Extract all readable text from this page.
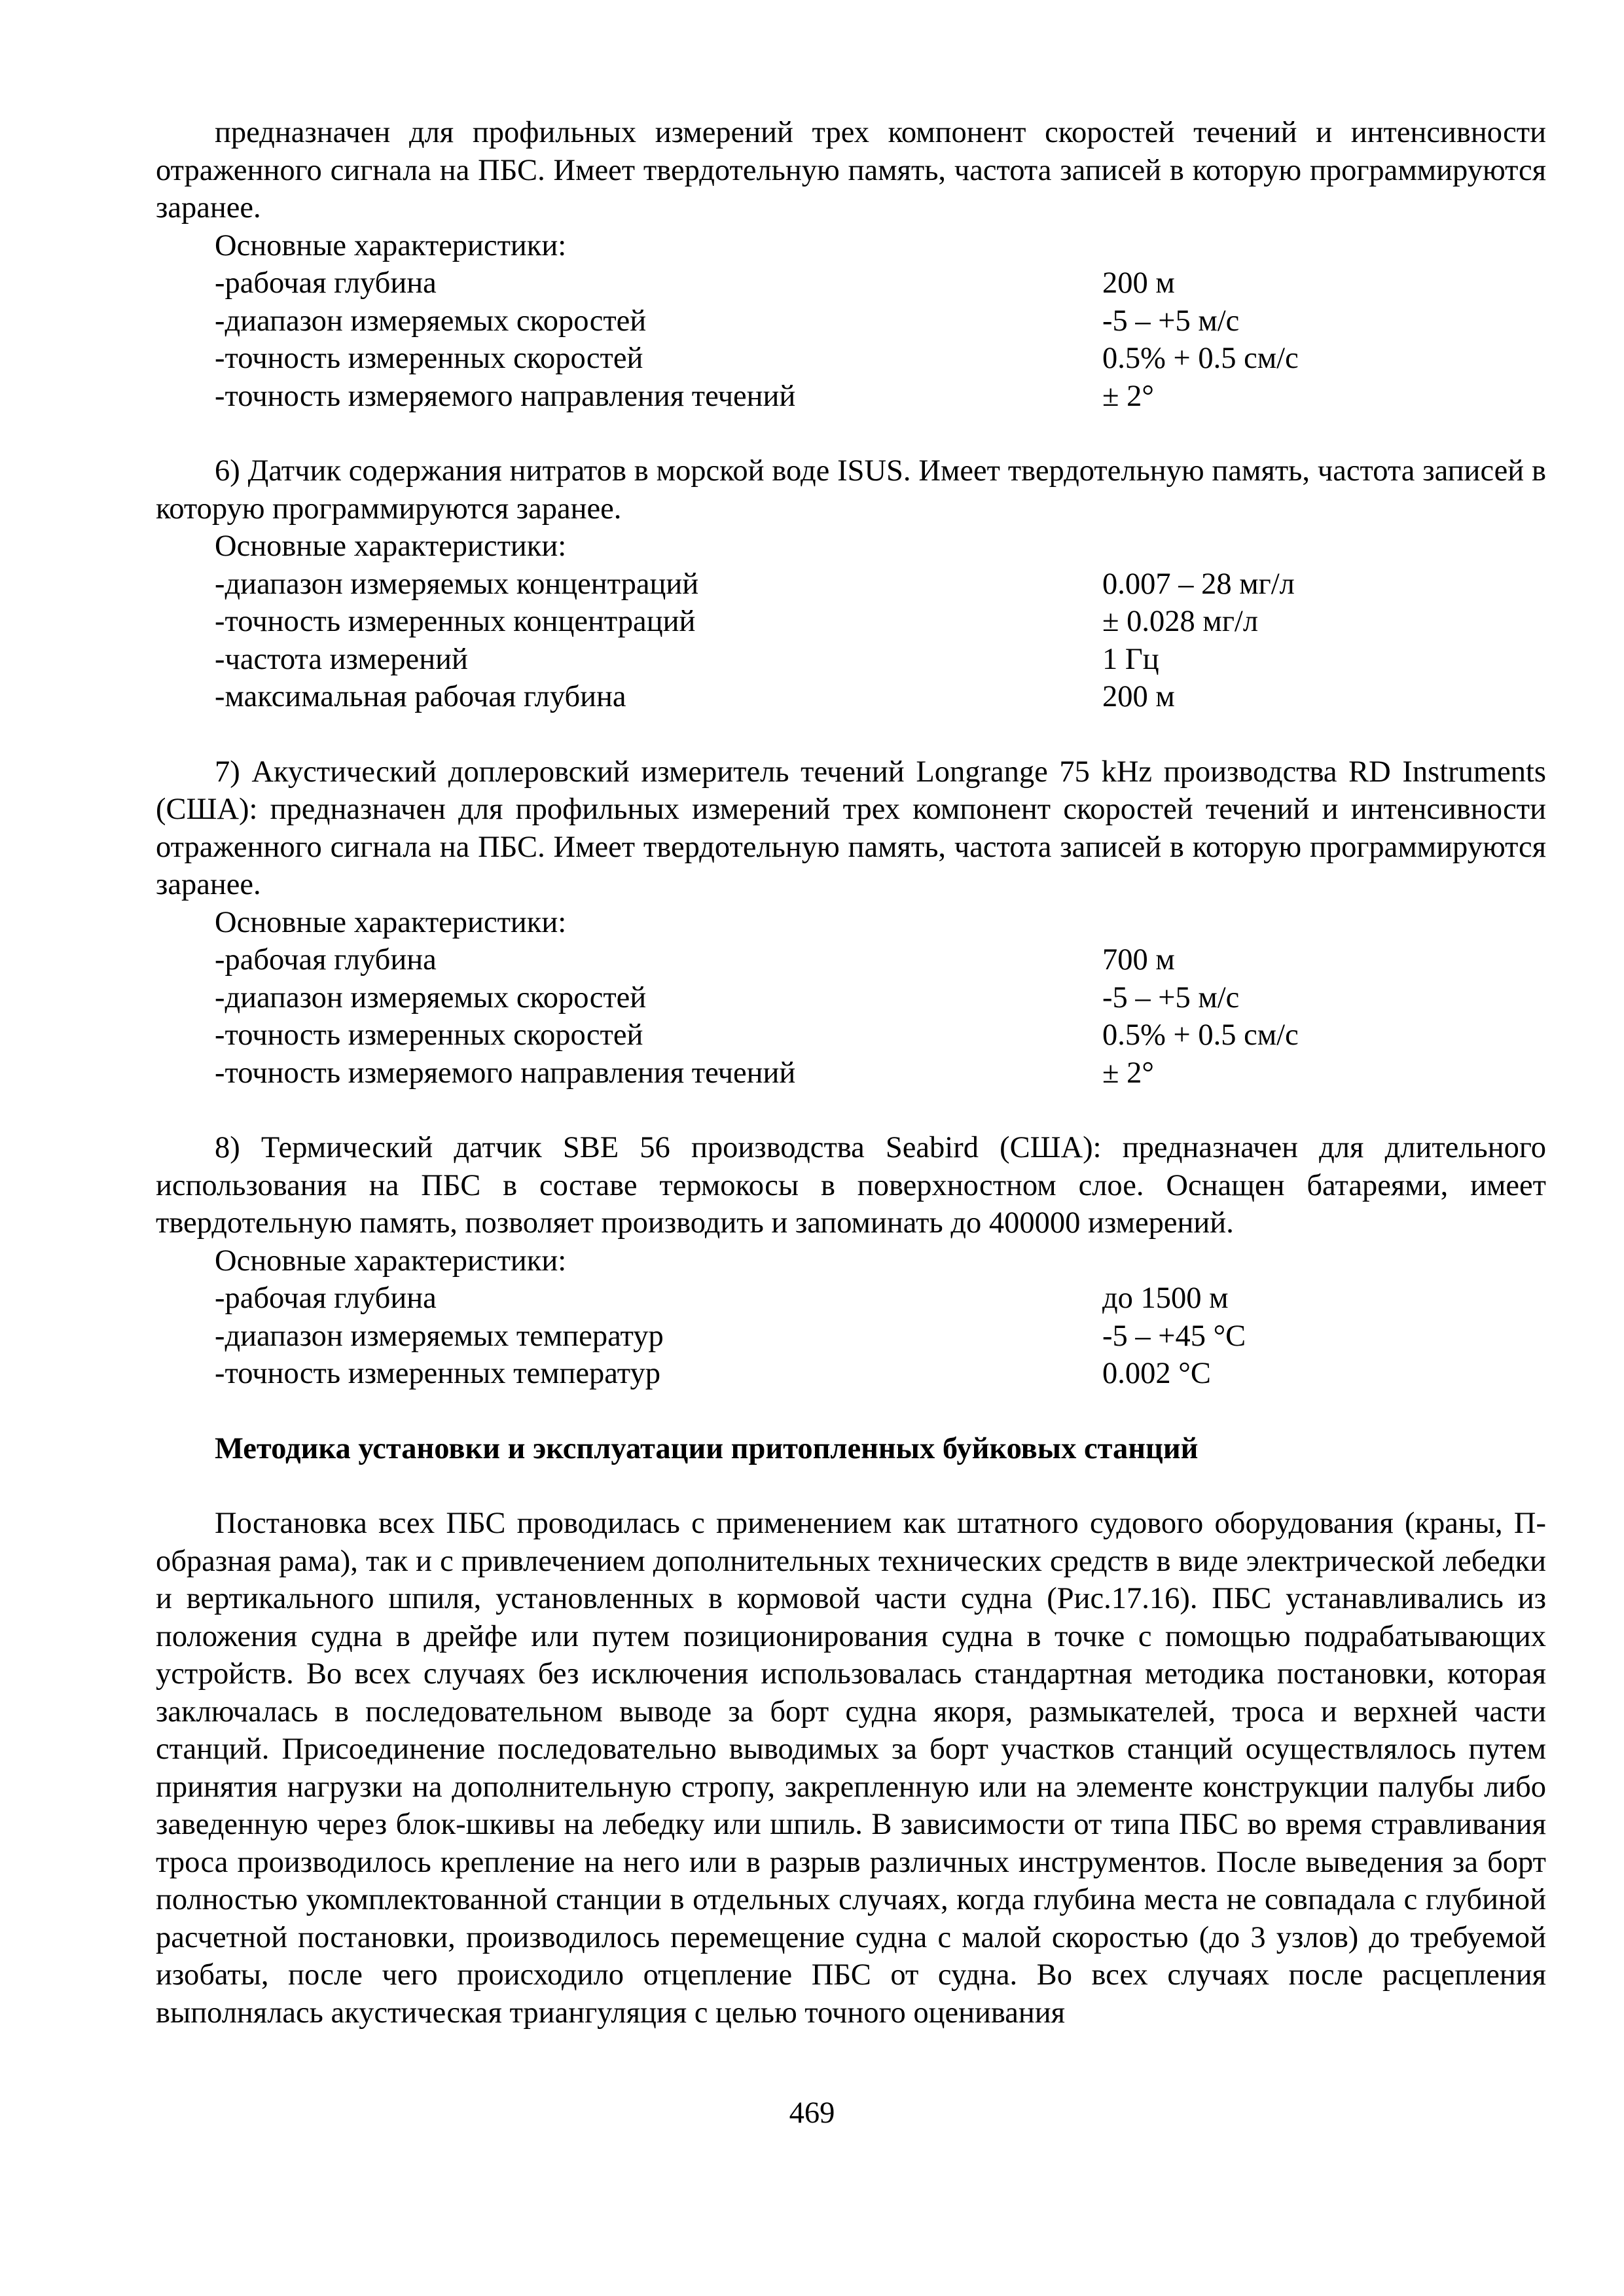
предназначен для профильных измерений трех компонент скоростей течений и интенсивности отраженного сигнала на ПБС. Имеет твердотельную память, частота записей в которую программируются заранее.

Основные характеристики:

-рабочая глубина	200 м
-диапазон измеряемых скоростей	-5 – +5 м/с
-точность измеренных скоростей	0.5% + 0.5 см/с
-точность измеряемого направления течений	± 2°

6) Датчик содержания нитратов в морской воде ISUS. Имеет твердотельную память, частота записей в которую программируются заранее.

Основные характеристики:

-диапазон измеряемых концентраций	0.007 – 28 мг/л
-точность измеренных концентраций	± 0.028 мг/л
-частота измерений	1 Гц
-максимальная рабочая глубина	200 м

7) Акустический доплеровский измеритель течений Longrange 75 kHz производства RD Instruments (США): предназначен для профильных измерений трех компонент скоростей течений и интенсивности отраженного сигнала на ПБС. Имеет твердотельную память, частота записей в которую программируются заранее.

Основные характеристики:

-рабочая глубина	700 м
-диапазон измеряемых скоростей	-5 – +5 м/с
-точность измеренных скоростей	0.5% + 0.5 см/с
-точность измеряемого направления течений	± 2°

8) Термический датчик SBE 56 производства Seabird (США): предназначен для длительного использования на ПБС в составе термокосы в поверхностном слое. Оснащен батареями, имеет твердотельную память, позволяет производить и запоминать до 400000 измерений.

Основные характеристики:

-рабочая глубина	до 1500 м
-диапазон измеряемых температур	-5 – +45 °C
-точность измеренных температур	0.002 °C

Методика установки и эксплуатации притопленных буйковых станций

Постановка всех ПБС проводилась с применением как штатного судового оборудования (краны, П-образная рама), так и с привлечением дополнительных технических средств в виде электрической лебедки и вертикального шпиля, установленных в кормовой части судна (Рис.17.16). ПБС устанавливались из положения судна в дрейфе или путем позиционирования судна в точке с помощью подрабатывающих устройств. Во всех случаях без исключения использовалась стандартная методика постановки, которая заключалась в последовательном выводе за борт судна якоря, размыкателей, троса и верхней части станций. Присоединение последовательно выводимых за борт участков станций осуществлялось путем принятия нагрузки на дополнительную стропу, закрепленную или на элементе конструкции палубы либо заведенную через блок-шкивы на лебедку или шпиль. В зависимости от типа ПБС во время стравливания троса производилось крепление на него или в разрыв различных инструментов. После выведения за борт полностью укомплектованной станции в отдельных случаях, когда глубина места не совпадала с глубиной расчетной постановки, производилось перемещение судна с малой скоростью (до 3 узлов) до требуемой изобаты, после чего происходило отцепление ПБС от судна. Во всех случаях после расцепления выполнялась акустическая триангуляция с целью точного оценивания

469
